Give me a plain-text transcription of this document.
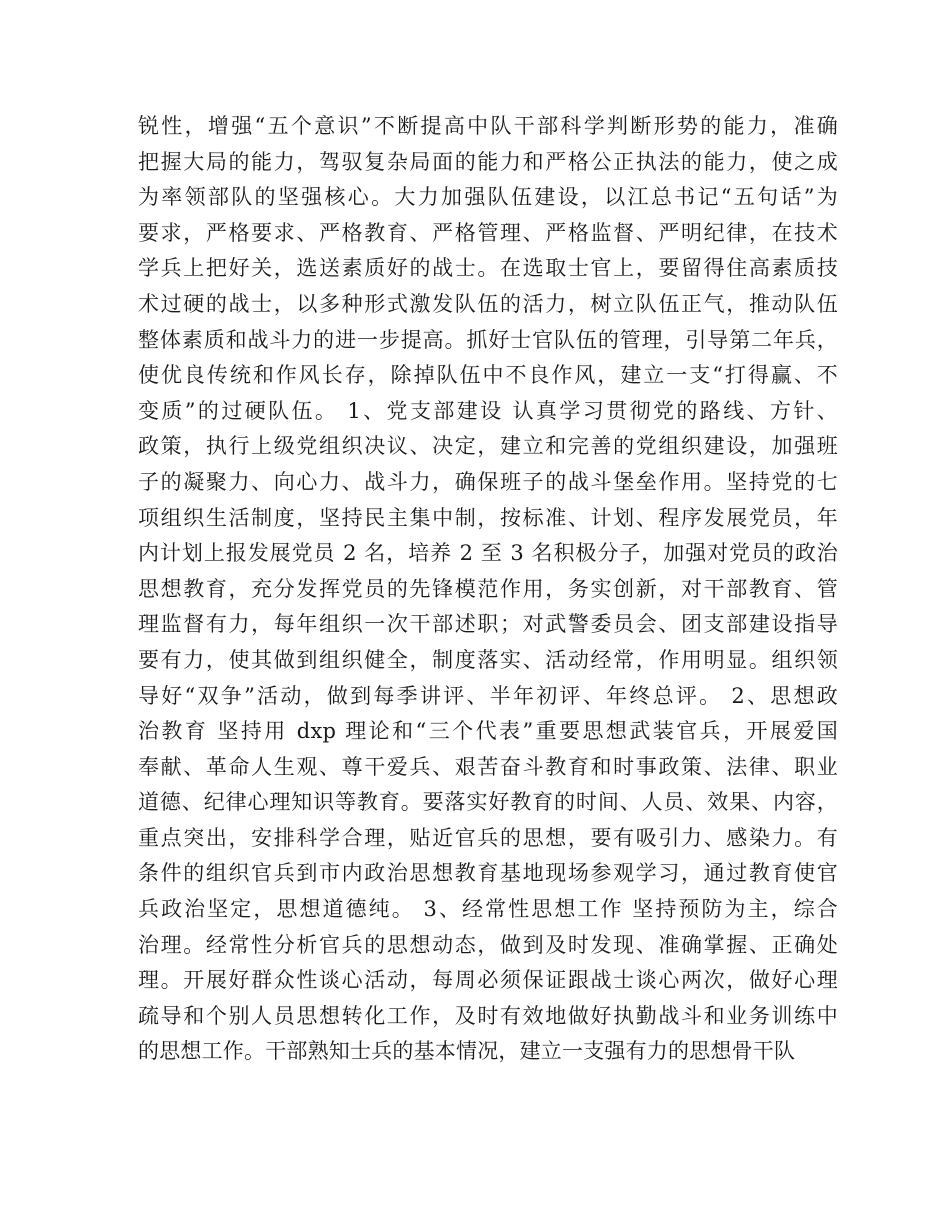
锐性，增强“五个意识”不断提高中队干部科学判断形势的能力，准确
把握大局的能力，驾驭复杂局面的能力和严格公正执法的能力，使之成
为率领部队的坚强核心。大力加强队伍建设，以江总书记“五句话”为
要求，严格要求、严格教育、严格管理、严格监督、严明纪律，在技术
学兵上把好关，选送素质好的战士。在选取士官上，要留得住高素质技
术过硬的战士，以多种形式激发队伍的活力，树立队伍正气，推动队伍
整体素质和战斗力的进一步提高。抓好士官队伍的管理，引导第二年兵，
使优良传统和作风长存，除掉队伍中不良作风，建立一支“打得赢、不
变质”的过硬队伍。 1、党支部建设 认真学习贯彻党的路线、方针、
政策，执行上级党组织决议、决定，建立和完善的党组织建设，加强班
子的凝聚力、向心力、战斗力，确保班子的战斗堡垒作用。坚持党的七
项组织生活制度，坚持民主集中制，按标准、计划、程序发展党员，年
内计划上报发展党员 2 名，培养 2 至 3 名积极分子，加强对党员的政治
思想教育，充分发挥党员的先锋模范作用，务实创新，对干部教育、管
理监督有力，每年组织一次干部述职；对武警委员会、团支部建设指导
要有力，使其做到组织健全，制度落实、活动经常，作用明显。组织领
导好“双争”活动，做到每季讲评、半年初评、年终总评。 2、思想政
治教育 坚持用 dxp 理论和“三个代表”重要思想武装官兵，开展爱国
奉献、革命人生观、尊干爱兵、艰苦奋斗教育和时事政策、法律、职业
道德、纪律心理知识等教育。要落实好教育的时间、人员、效果、内容，
重点突出，安排科学合理，贴近官兵的思想，要有吸引力、感染力。有
条件的组织官兵到市内政治思想教育基地现场参观学习，通过教育使官
兵政治坚定，思想道德纯。 3、经常性思想工作 坚持预防为主，综合
治理。经常性分析官兵的思想动态，做到及时发现、准确掌握、正确处
理。开展好群众性谈心活动，每周必须保证跟战士谈心两次，做好心理
疏导和个别人员思想转化工作，及时有效地做好执勤战斗和业务训练中
的思想工作。干部熟知士兵的基本情况，建立一支强有力的思想骨干队
